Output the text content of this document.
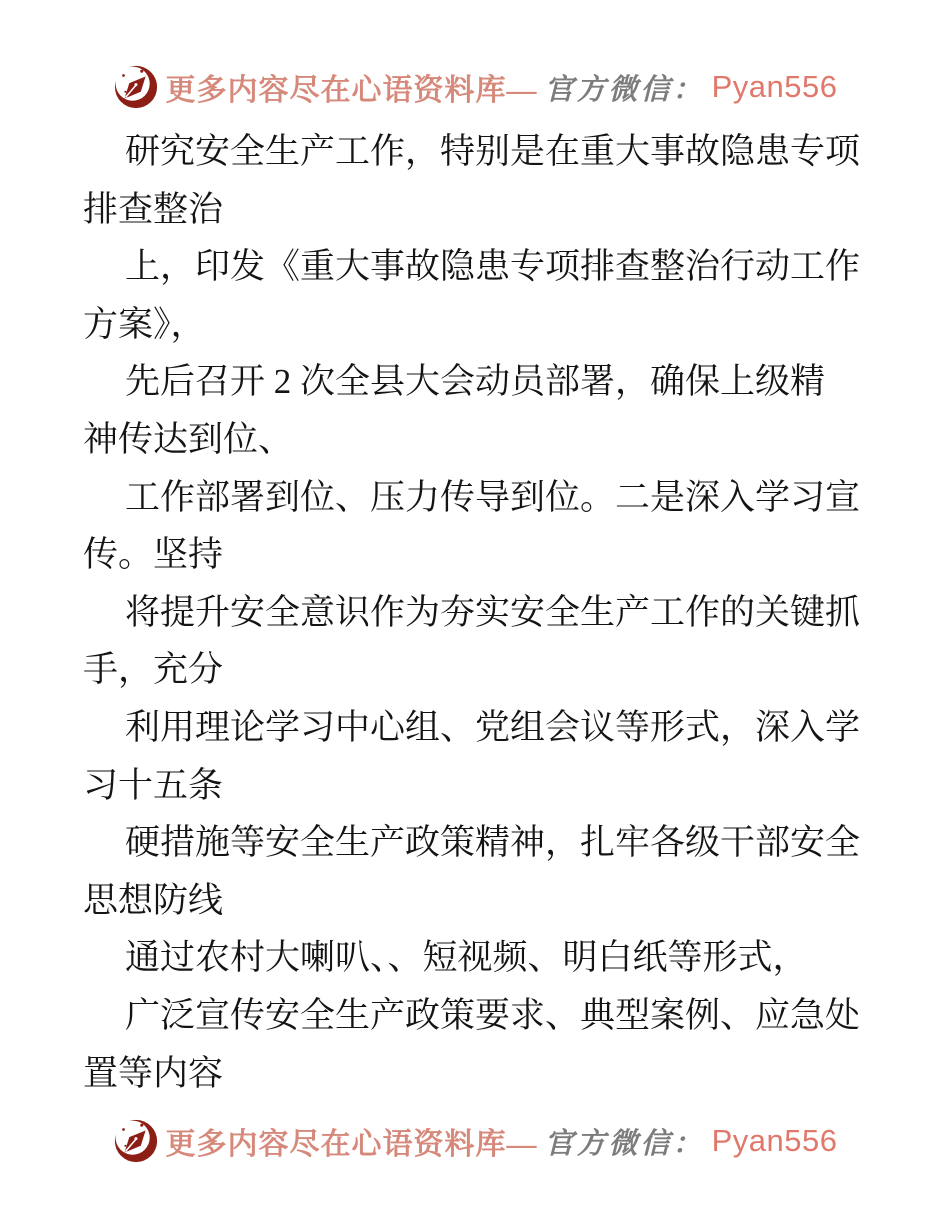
更多内容尽在心语资料库— 官方微信： Pyan556
研究安全生产工作，特别是在重大事故隐患专项
排查整治
上，印发《重大事故隐患专项排查整治行动工作
方案》，
先后召开 2 次全县大会动员部署，确保上级精
神传达到位、
工作部署到位、压力传导到位。二是深入学习宣
传。坚持
将提升安全意识作为夯实安全生产工作的关键抓
手，充分
利用理论学习中心组、党组会议等形式，深入学
习十五条
硬措施等安全生产政策精神，扎牢各级干部安全
思想防线
通过农村大喇叭、、短视频、明白纸等形式，
广泛宣传安全生产政策要求、典型案例、应急处
置等内容
更多内容尽在心语资料库— 官方微信： Pyan556
